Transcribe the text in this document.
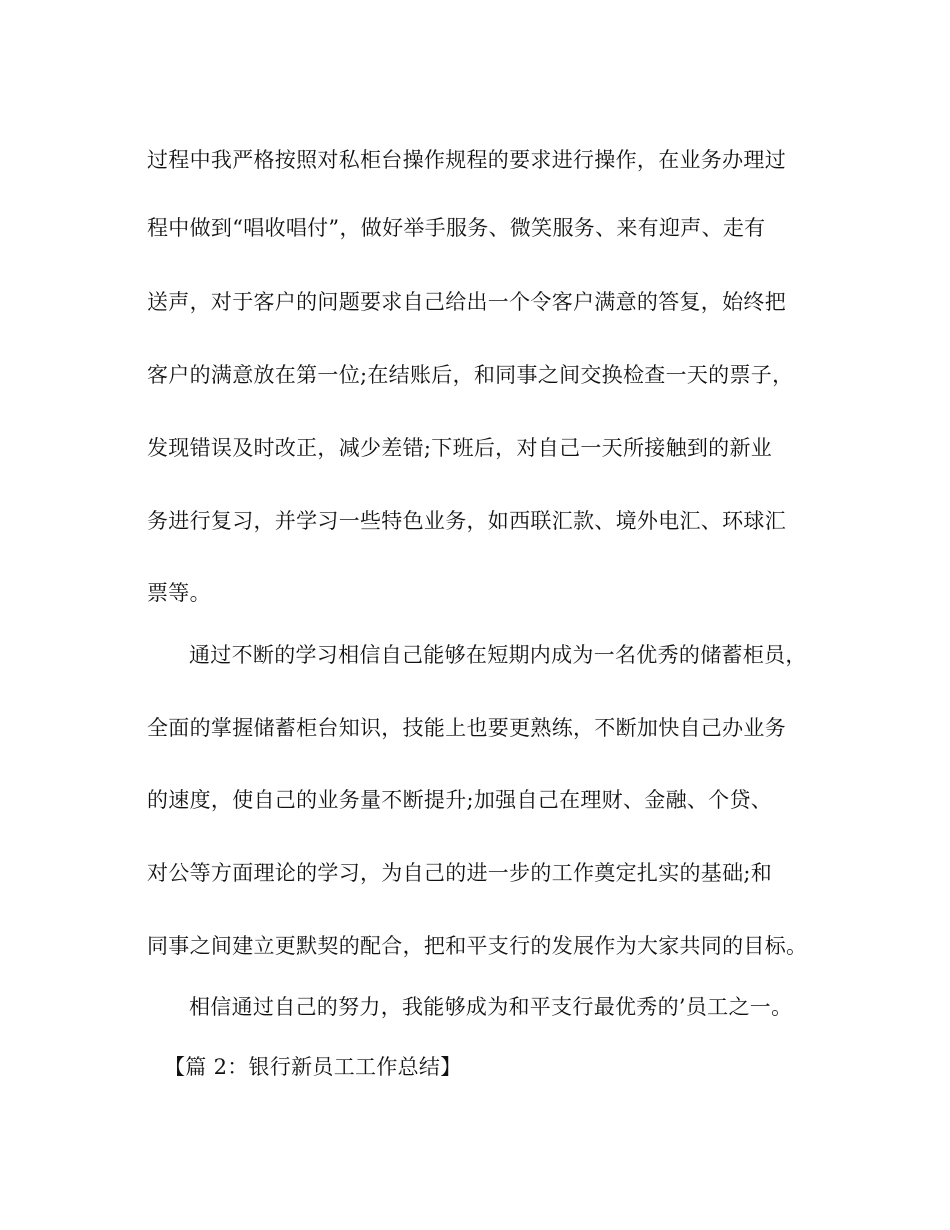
过程中我严格按照对私柜台操作规程的要求进行操作，在业务办理过
程中做到“唱收唱付”，做好举手服务、微笑服务、来有迎声、走有
送声，对于客户的问题要求自己给出一个令客户满意的答复，始终把
客户的满意放在第一位;在结账后，和同事之间交换检查一天的票子，
发现错误及时改正，减少差错;下班后，对自己一天所接触到的新业
务进行复习，并学习一些特色业务，如西联汇款、境外电汇、环球汇
票等。
通过不断的学习相信自己能够在短期内成为一名优秀的储蓄柜员，
全面的掌握储蓄柜台知识，技能上也要更熟练，不断加快自己办业务
的速度，使自己的业务量不断提升;加强自己在理财、金融、个贷、
对公等方面理论的学习，为自己的进一步的工作奠定扎实的基础;和
同事之间建立更默契的配合，把和平支行的发展作为大家共同的目标。
相信通过自己的努力，我能够成为和平支行最优秀的’员工之一。
【篇 2：银行新员工工作总结】
